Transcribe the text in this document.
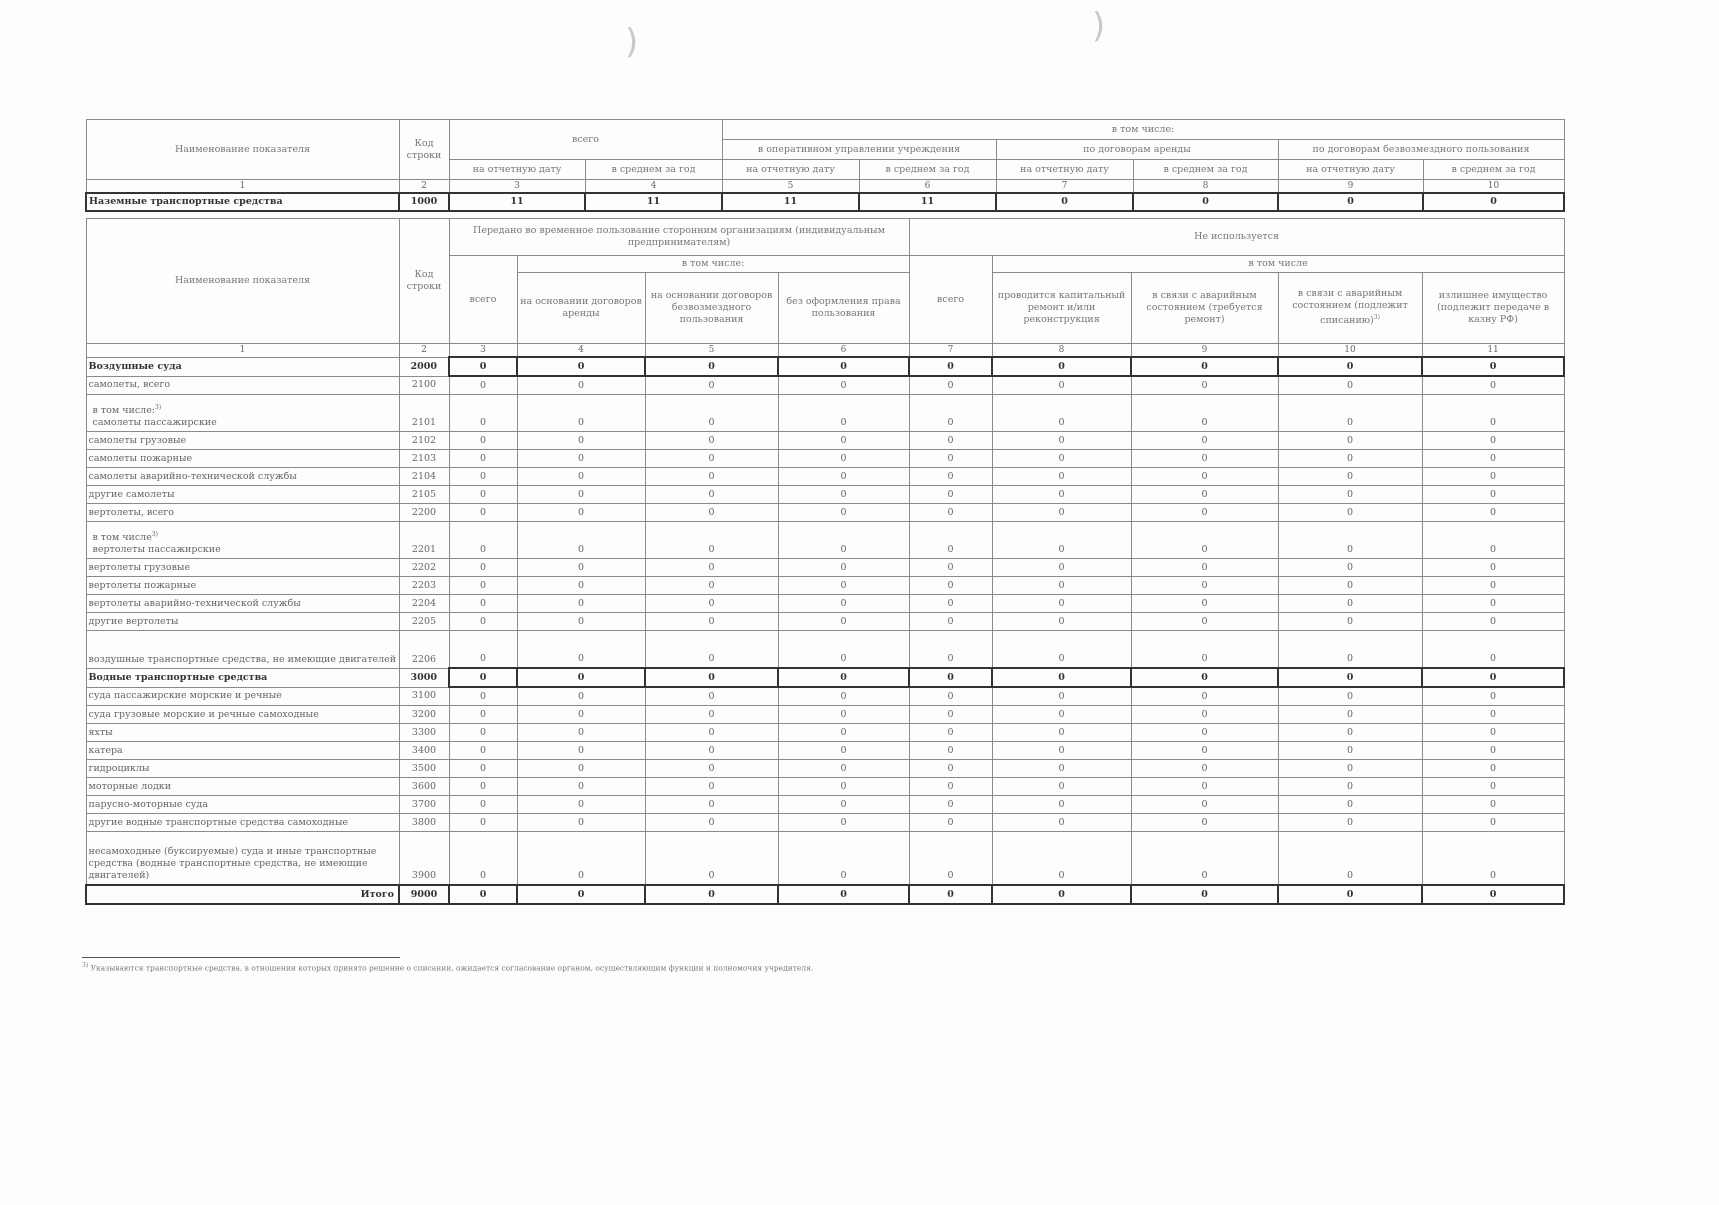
)	)
Наименование показателя	Код строки	всего		в том числе:					
				в оперативном управлении учреждения		по договорам аренды		по договорам безвозмездного пользования	
		на отчетную дату	в среднем за год	на отчетную дату	в среднем за год	на отчетную дату	в среднем за год	на отчетную дату	в среднем за год
1	2	3	4	5	6	7	8	9	10
Наземные транспортные средства	1000	11	11	11	11	0	0	0	0
Наименование показателя	Код строки	Передано во временное пользование сторонним организациям (индивидуальным предпринимателям)				Не используется				
		всего	в том числе:			всего	в том числе			
			на основании договоров аренды	на основании договоров безвозмездного пользования	без оформления права пользования		проводится капитальный ремонт и/или реконструкция	в связи с аварийным состоянием (требуется ремонт)	в связи с аварийным состоянием (подлежит списанию)$^{3)}$	излишнее имущество (подлежит передаче в казну РФ)
1	2	3	4	5	6	7	8	9	10	11
Воздушные суда	2000	0	0	0	0	0	0	0	0	0
самолеты, всего	2100	0	0	0	0	0	0	0	0	0

в том числе:$^{3)}$
самолеты пассажирские	2101	0	0	0	0	0	0	0	0	0
самолеты грузовые	2102	0	0	0	0	0	0	0	0	0
самолеты пожарные	2103	0	0	0	0	0	0	0	0	0
самолеты аварийно-технической службы	2104	0	0	0	0	0	0	0	0	0
другие самолеты	2105	0	0	0	0	0	0	0	0	0
вертолеты, всего	2200	0	0	0	0	0	0	0	0	0

в том числе$^{3)}$
вертолеты пассажирские	2201	0	0	0	0	0	0	0	0	0
вертолеты грузовые	2202	0	0	0	0	0	0	0	0	0
вертолеты пожарные	2203	0	0	0	0	0	0	0	0	0
вертолеты аварийно-технической службы	2204	0	0	0	0	0	0	0	0	0
другие вертолеты	2205	0	0	0	0	0	0	0	0	0
воздушные транспортные средства, не имеющие двигателей	2206	0	0	0	0	0	0	0	0	0
Водные транспортные средства	3000	0	0	0	0	0	0	0	0	0
суда пассажирские морские и речные	3100	0	0	0	0	0	0	0	0	0
суда грузовые морские и речные самоходные	3200	0	0	0	0	0	0	0	0	0
яхты	3300	0	0	0	0	0	0	0	0	0
катера	3400	0	0	0	0	0	0	0	0	0
гидроциклы	3500	0	0	0	0	0	0	0	0	0
моторные лодки	3600	0	0	0	0	0	0	0	0	0
парусно-моторные суда	3700	0	0	0	0	0	0	0	0	0
другие водные транспортные средства самоходные	3800	0	0	0	0	0	0	0	0	0
несамоходные (буксируемые) суда и иные транспортные средства (водные транспортные средства, не имеющие двигателей)	3900	0	0	0	0	0	0	0	0	0
Итого	9000	0	0	0	0	0	0	0	0	0
$^{3)}$ Указываются транспортные средства, в отношении которых принято решение о списании, ожидается согласование органом, осуществляющим функции и полномочия учредителя.
